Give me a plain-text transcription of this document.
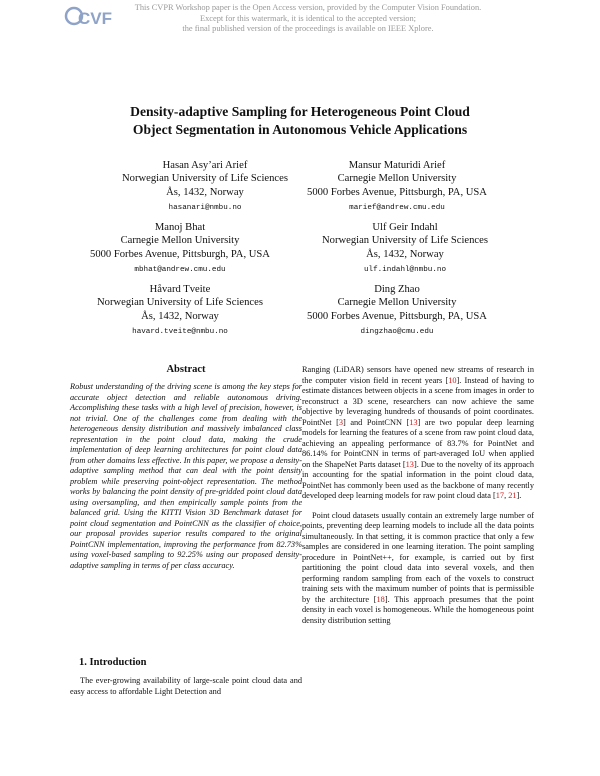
CVF
This CVPR Workshop paper is the Open Access version, provided by the Computer Vision Foundation.
Except for this watermark, it is identical to the accepted version;
the final published version of the proceedings is available on IEEE Xplore.
Density-adaptive Sampling for Heterogeneous Point Cloud
Object Segmentation in Autonomous Vehicle Applications
Hasan Asy’ari Arief
Norwegian University of Life Sciences
Ås, 1432, Norway
hasanari@nmbu.no
Mansur Maturidi Arief
Carnegie Mellon University
5000 Forbes Avenue, Pittsburgh, PA, USA
marief@andrew.cmu.edu
Manoj Bhat
Carnegie Mellon University
5000 Forbes Avenue, Pittsburgh, PA, USA
mbhat@andrew.cmu.edu
Ulf Geir Indahl
Norwegian University of Life Sciences
Ås, 1432, Norway
ulf.indahl@nmbu.no
Håvard Tveite
Norwegian University of Life Sciences
Ås, 1432, Norway
havard.tveite@nmbu.no
Ding Zhao
Carnegie Mellon University
5000 Forbes Avenue, Pittsburgh, PA, USA
dingzhao@cmu.edu
Abstract
Robust understanding of the driving scene is among the key steps for accurate object detection and reliable autonomous driving. Accomplishing these tasks with a high level of precision, however, is not trivial. One of the challenges come from dealing with the heterogeneous density distribution and massively imbalanced class representation in the point cloud data, making the crude implementation of deep learning architectures for point cloud data from other domains less effective. In this paper, we propose a density-adaptive sampling method that can deal with the point density problem while preserving point-object representation. The method works by balancing the point density of pre-gridded point cloud data using oversampling, and then empirically sample points from the balanced grid. Using the KITTI Vision 3D Benchmark dataset for point cloud segmentation and PointCNN as the classifier of choice, our proposal provides superior results compared to the original PointCNN implementation, improving the performance from 82.73% using voxel-based sampling to 92.25% using our proposed density-adaptive sampling in terms of per class accuracy.
1. Introduction
The ever-growing availability of large-scale point cloud data and easy access to affordable Light Detection and

Ranging (LiDAR) sensors have opened new streams of research in the computer vision field in recent years [10]. Instead of having to estimate distances between objects in a scene from images in order to reconstruct a 3D scene, researchers can now achieve the same objective by leveraging hundreds of thousands of point coordinates. PointNet [3] and PointCNN [13] are two popular deep learning models for learning the features of a scene from raw point cloud data, achieving an appealing performance of 83.7% for PointNet and 86.14% for PointCNN in terms of part-averaged IoU when applied on the ShapeNet Parts dataset [13]. Due to the novelty of its approach in accounting for the spatial information in the point cloud data, PointNet has commonly been used as the backbone of many recently developed deep learning models for raw point cloud data [17, 21].

Point cloud datasets usually contain an extremely large number of points, preventing deep learning models to include all the data points simultaneously. In that setting, it is common practice that only a few samples are considered in one learning iteration. The point sampling procedure in PointNet++, for example, is carried out by first partitioning the point cloud data into several voxels, and then performing random sampling from each of the voxels to construct training sets with the maximum number of points that is permissible by the architecture [18]. This approach presumes that the point density in each voxel is homogeneous. While the homogeneous point density distribution setting
